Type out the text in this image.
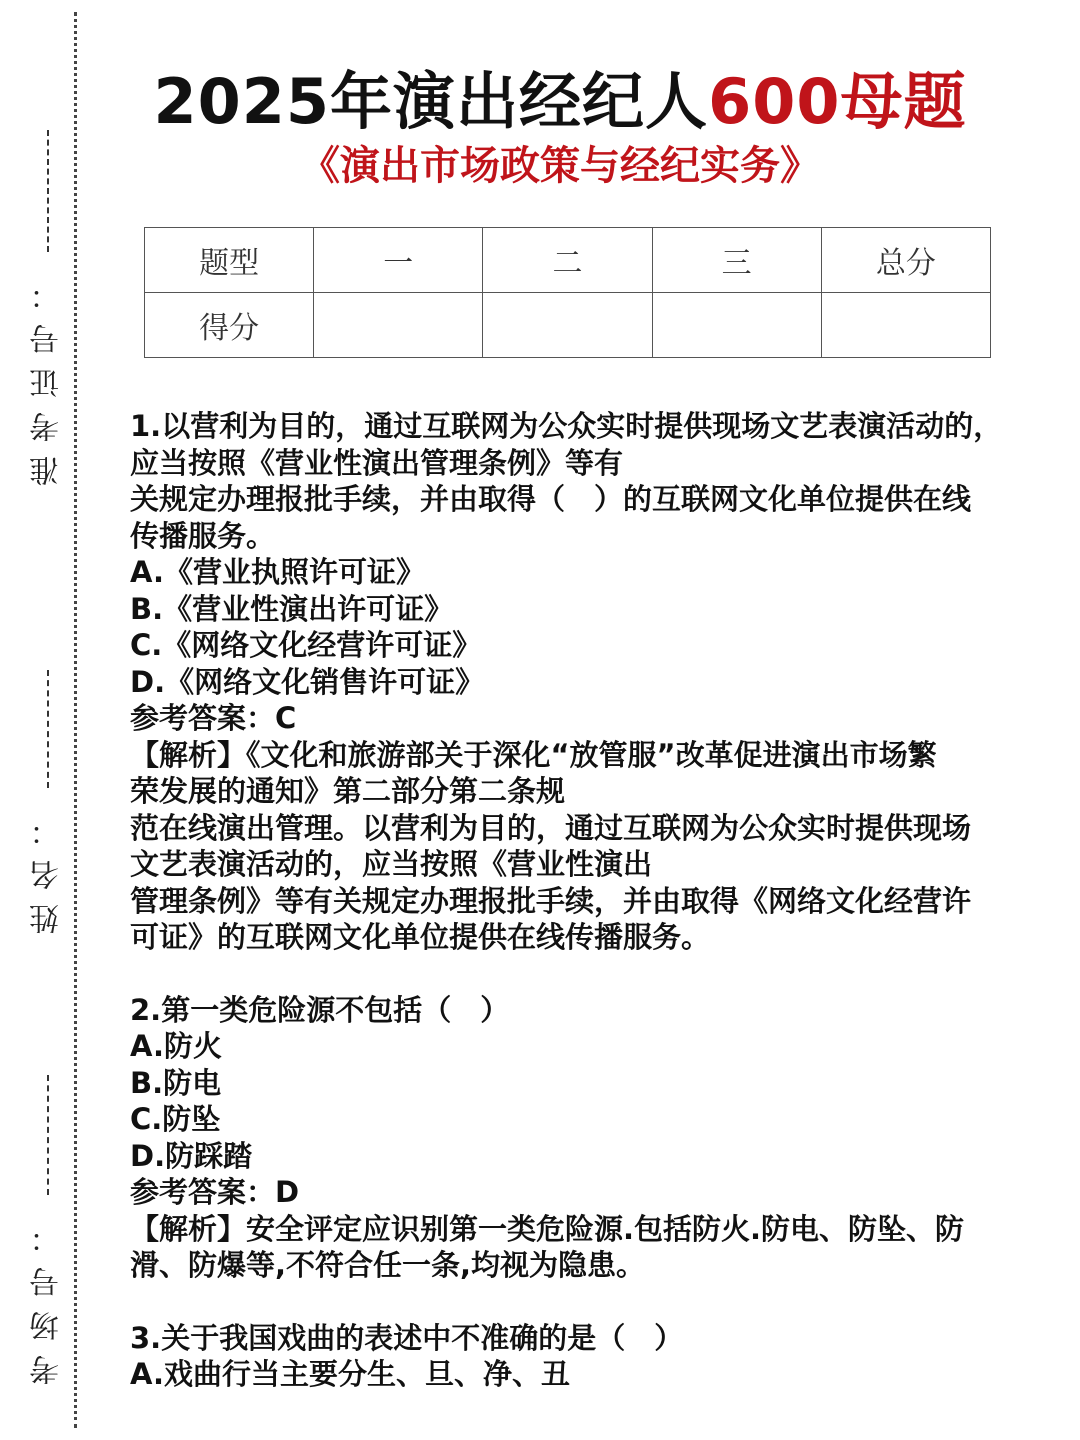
准考证号：
姓名：
考场号：
2025年演出经纪人600母题
《演出市场政策与经纪实务》
题型	一	二	三	总分
得分				

1.以营利为目的，通过互联网为公众实时提供现场文艺表演活动的，

应当按照《营业性演出管理条例》等有

关规定办理报批手续，并由取得（　）的互联网文化单位提供在线

传播服务。

A.《营业执照许可证》

B.《营业性演出许可证》

C.《网络文化经营许可证》

D.《网络文化销售许可证》

参考答案：C

【解析】《文化和旅游部关于深化“放管服”改革促进演出市场繁

荣发展的通知》第二部分第二条规

范在线演出管理。以营利为目的，通过互联网为公众实时提供现场

文艺表演活动的，应当按照《营业性演出

管理条例》等有关规定办理报批手续，并由取得《网络文化经营许

可证》的互联网文化单位提供在线传播服务。

2.第一类危险源不包括（　）

A.防火

B.防电

C.防坠

D.防踩踏

参考答案：D

【解析】安全评定应识别第一类危险源.包括防火.防电、防坠、防

滑、防爆等,不符合任一条,均视为隐患。

3.关于我国戏曲的表述中不准确的是（　）

A.戏曲行当主要分生、旦、净、丑
